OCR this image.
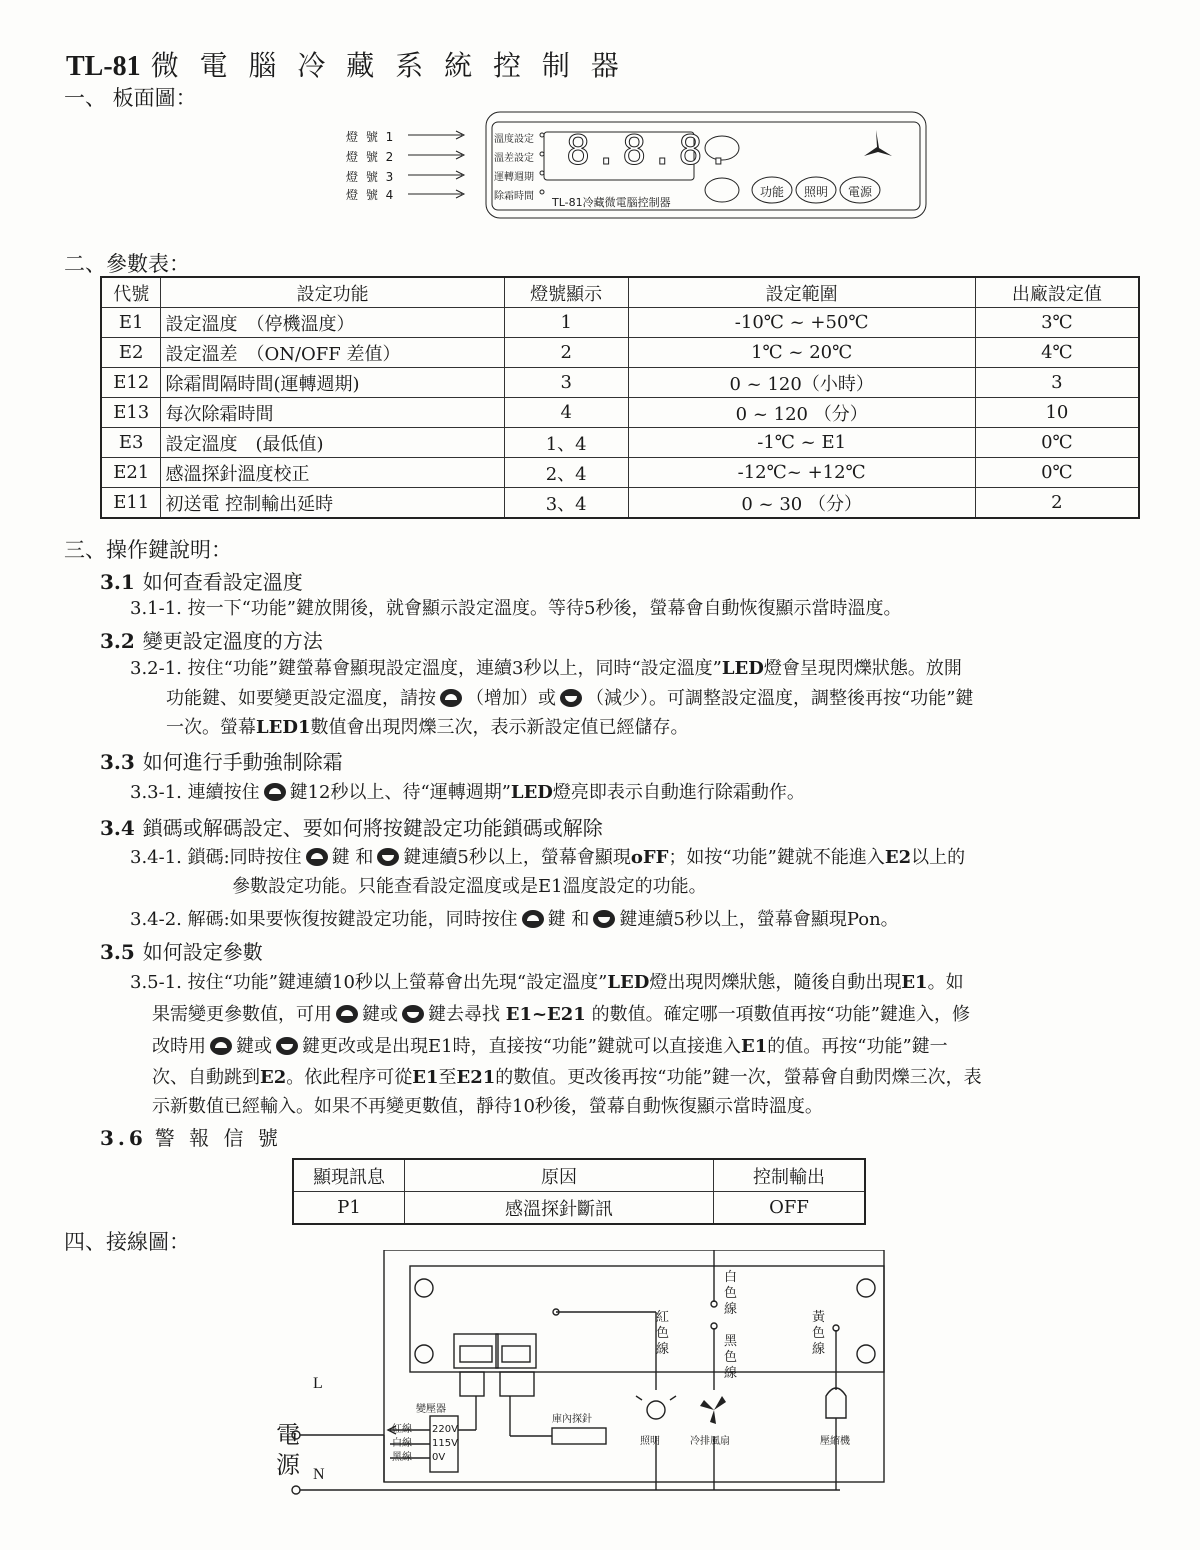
TL-81 微 電 腦 冷 藏 系 統 控 制 器
一、 板面圖：
燈 號 1
燈 號 2
燈 號 3
燈 號 4
溫度設定
溫差設定
運轉週期
除霜時間
8.8.8.
TL-81冷藏微電腦控制器
功能 照明 電源
二、參數表：
代號	設定功能	燈號顯示	設定範圍	出廠設定值
E1	設定溫度　（停機溫度）	1	-10℃ ~ +50℃	3℃
E2	設定溫差　（ON/OFF 差值）	2	1℃ ~ 20℃	4℃
E12	除霜間隔時間(運轉週期)	3	0 ~ 120（小時）	3
E13	每次除霜時間	4	0 ~ 120 （分）	10
E3	設定溫度　(最低值)	1、4	-1℃ ~ E1	0℃
E21	感溫探針溫度校正	2、4	-12℃~ +12℃	0℃
E11	初送電 控制輸出延時	3、4	0 ~ 30 （分）	2
三、操作鍵說明：
3.1 如何查看設定溫度
3.1-1. 按一下“功能”鍵放開後，就會顯示設定溫度。等待5秒後，螢幕會自動恢復顯示當時溫度。
3.2 變更設定溫度的方法
3.2-1. 按住“功能”鍵螢幕會顯現設定溫度，連續3秒以上，同時“設定溫度”LED燈會呈現閃爍狀態。放開
功能鍵、如要變更設定溫度，請按 （增加）或 （減少）。可調整設定溫度，調整後再按“功能”鍵
一次。螢幕LED1數值會出現閃爍三次，表示新設定值已經儲存。
3.3 如何進行手動強制除霜
3.3-1. 連續按住 鍵12秒以上、待“運轉週期”LED燈亮即表示自動進行除霜動作。
3.4 鎖碼或解碼設定、要如何將按鍵設定功能鎖碼或解除
3.4-1. 鎖碼:同時按住 鍵 和 鍵連續5秒以上，螢幕會顯現oFF；如按“功能”鍵就不能進入E2以上的
參數設定功能。只能查看設定溫度或是E1溫度設定的功能。
3.4-2. 解碼:如果要恢復按鍵設定功能，同時按住 鍵 和 鍵連續5秒以上，螢幕會顯現Pon。
3.5 如何設定參數
3.5-1. 按住“功能”鍵連續10秒以上螢幕會出先現“設定溫度”LED燈出現閃爍狀態，隨後自動出現E1。如
果需變更參數值，可用 鍵或 鍵去尋找 E1~E21 的數值。確定哪一項數值再按“功能”鍵進入，修
改時用 鍵或 鍵更改或是出現E1時，直接按“功能”鍵就可以直接進入E1的值。再按“功能”鍵一
次、自動跳到E2。依此程序可從E1至E21的數值。更改後再按“功能”鍵一次，螢幕會自動閃爍三次，表
示新數值已經輸入。如果不再變更數值，靜待10秒後，螢幕自動恢復顯示當時溫度。
3.6 警 報 信 號
顯現訊息	原因	控制輸出
P1	感溫探針斷訊	OFF
四、接線圖：
L
N
電
源
變壓器
220V
115V
0V
紅線
白線
黑線
庫內探針
照明	冷排風扇	壓縮機
紅
色
線
白
色
線
黑
色
線
黃
色
線
